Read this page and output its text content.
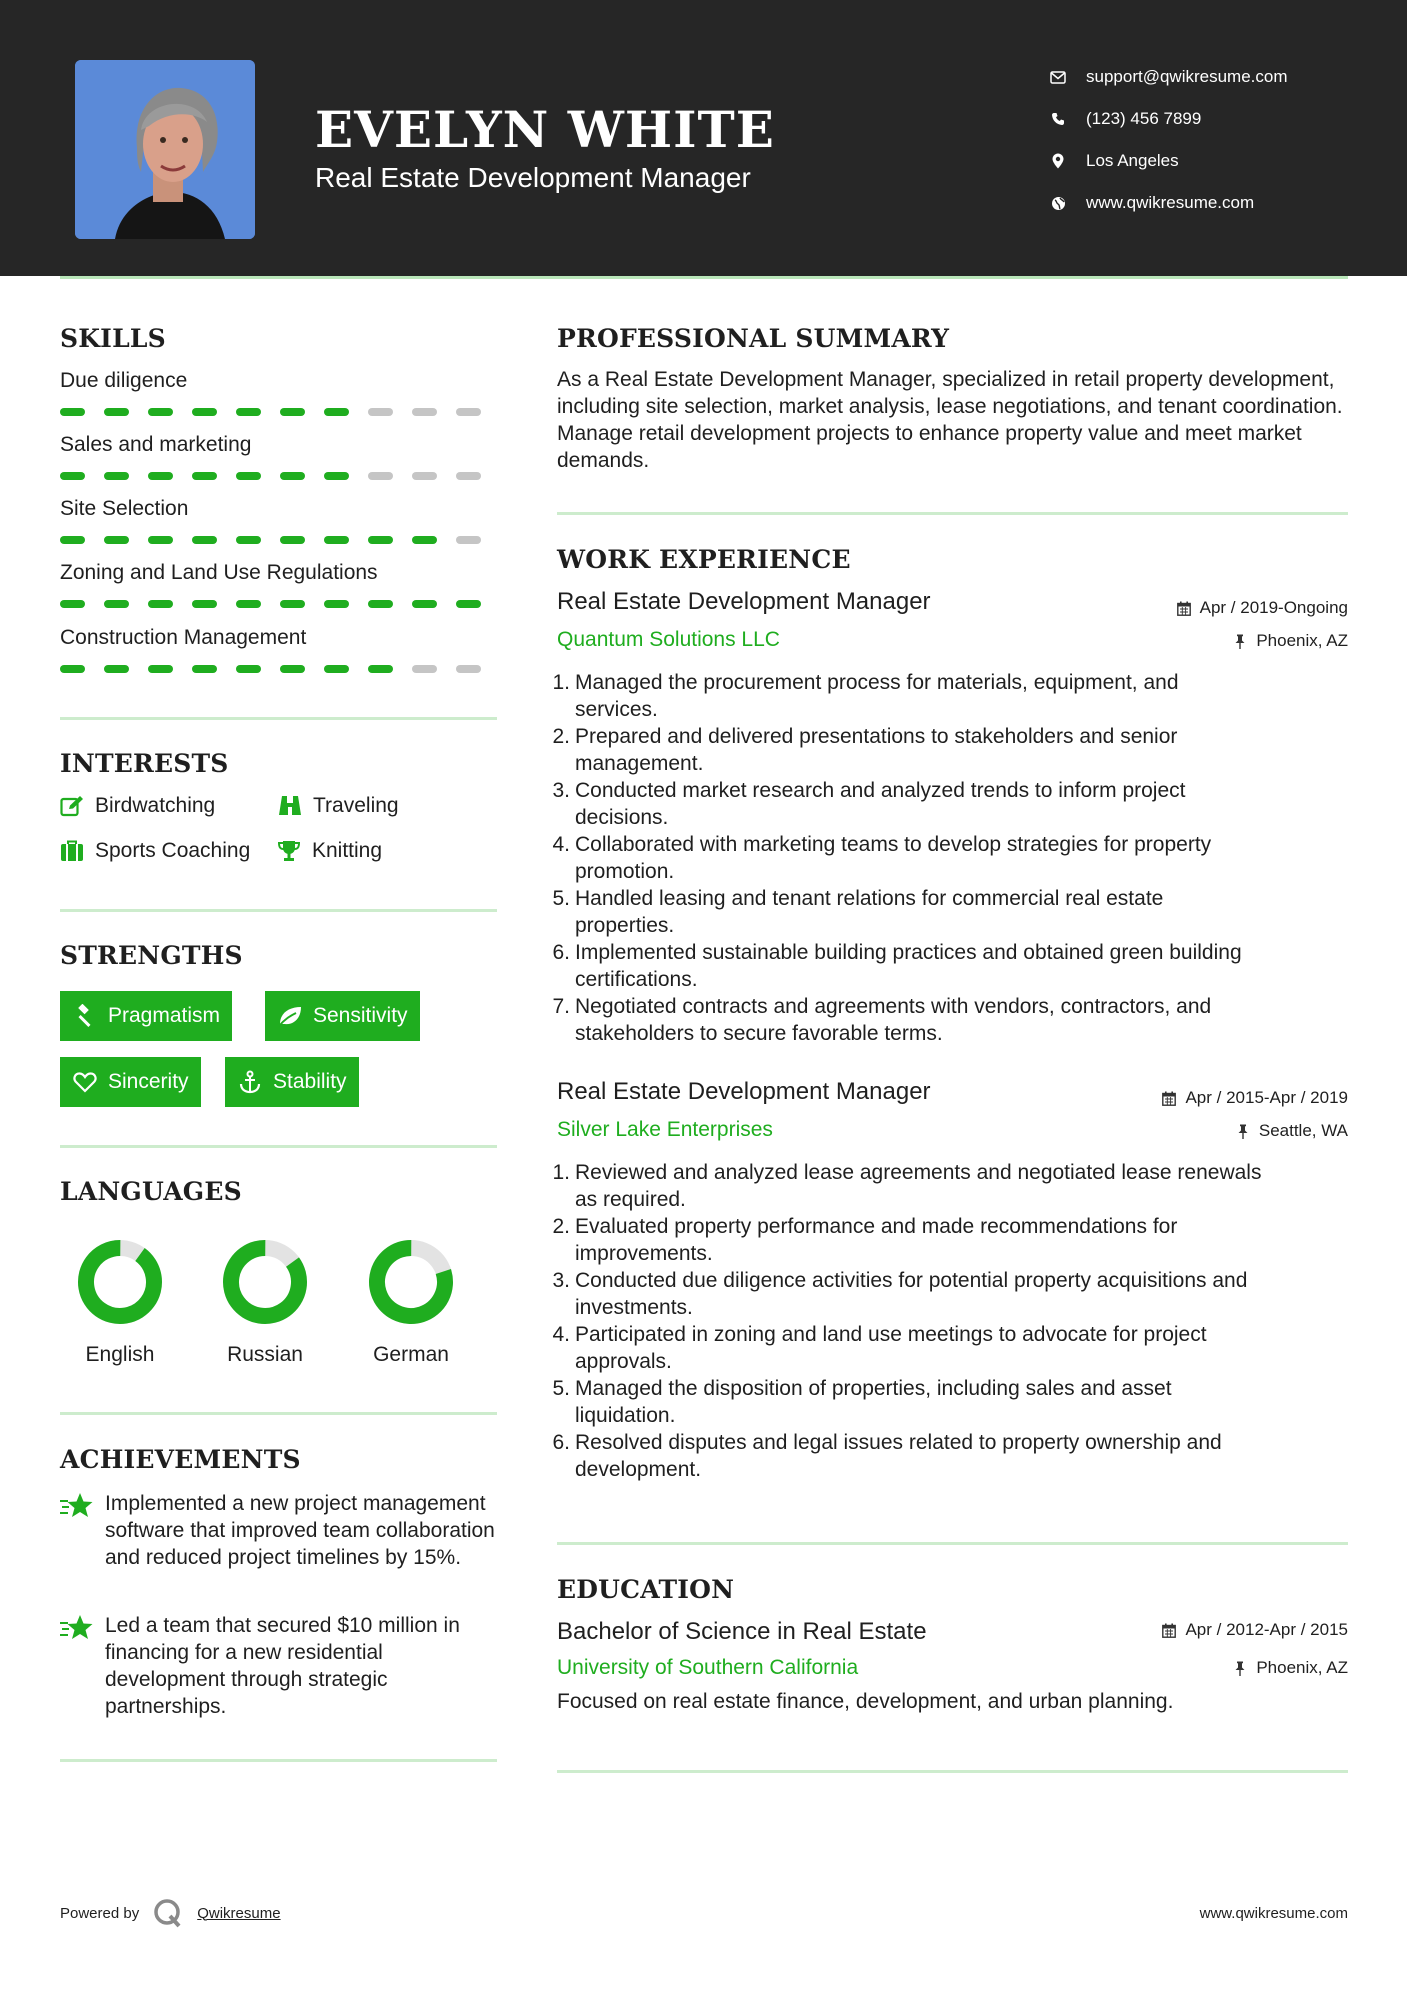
EVELYN WHITE
Real Estate Development Manager
support@qwikresume.com
(123) 456 7899
Los Angeles
www.qwikresume.com
SKILLS
Due diligence
Sales and marketing
Site Selection
Zoning and Land Use Regulations
Construction Management
INTERESTS
Birdwatching	Traveling
Sports Coaching	Knitting
STRENGTHS
Pragmatism	Sensitivity
Sincerity	Stability
LANGUAGES
English	Russian	German
ACHIEVEMENTS
Implemented a new project management software that improved team collaboration and reduced project timelines by 15%.
Led a team that secured $10 million in financing for a new residential development through strategic partnerships.
PROFESSIONAL SUMMARY
As a Real Estate Development Manager, specialized in retail property development, including site selection, market analysis, lease negotiations, and tenant coordination. Manage retail development projects to enhance property value and meet market demands.
WORK EXPERIENCE
Real Estate Development Manager	Apr / 2019-Ongoing
Quantum Solutions LLC	Phoenix, AZ
1. Managed the procurement process for materials, equipment, and
services.
2. Prepared and delivered presentations to stakeholders and senior
management.
3. Conducted market research and analyzed trends to inform project
decisions.
4. Collaborated with marketing teams to develop strategies for property
promotion.
5. Handled leasing and tenant relations for commercial real estate
properties.
6. Implemented sustainable building practices and obtained green building
certifications.
7. Negotiated contracts and agreements with vendors, contractors, and
stakeholders to secure favorable terms.
Real Estate Development Manager	Apr / 2015-Apr / 2019
Silver Lake Enterprises	Seattle, WA
1. Reviewed and analyzed lease agreements and negotiated lease renewals
as required.
2. Evaluated property performance and made recommendations for
improvements.
3. Conducted due diligence activities for potential property acquisitions and
investments.
4. Participated in zoning and land use meetings to advocate for project
approvals.
5. Managed the disposition of properties, including sales and asset
liquidation.
6. Resolved disputes and legal issues related to property ownership and
development.
EDUCATION
Bachelor of Science in Real Estate	Apr / 2012-Apr / 2015
University of Southern California	Phoenix, AZ
Focused on real estate finance, development, and urban planning.
Powered by	Qwikresume	www.qwikresume.com
